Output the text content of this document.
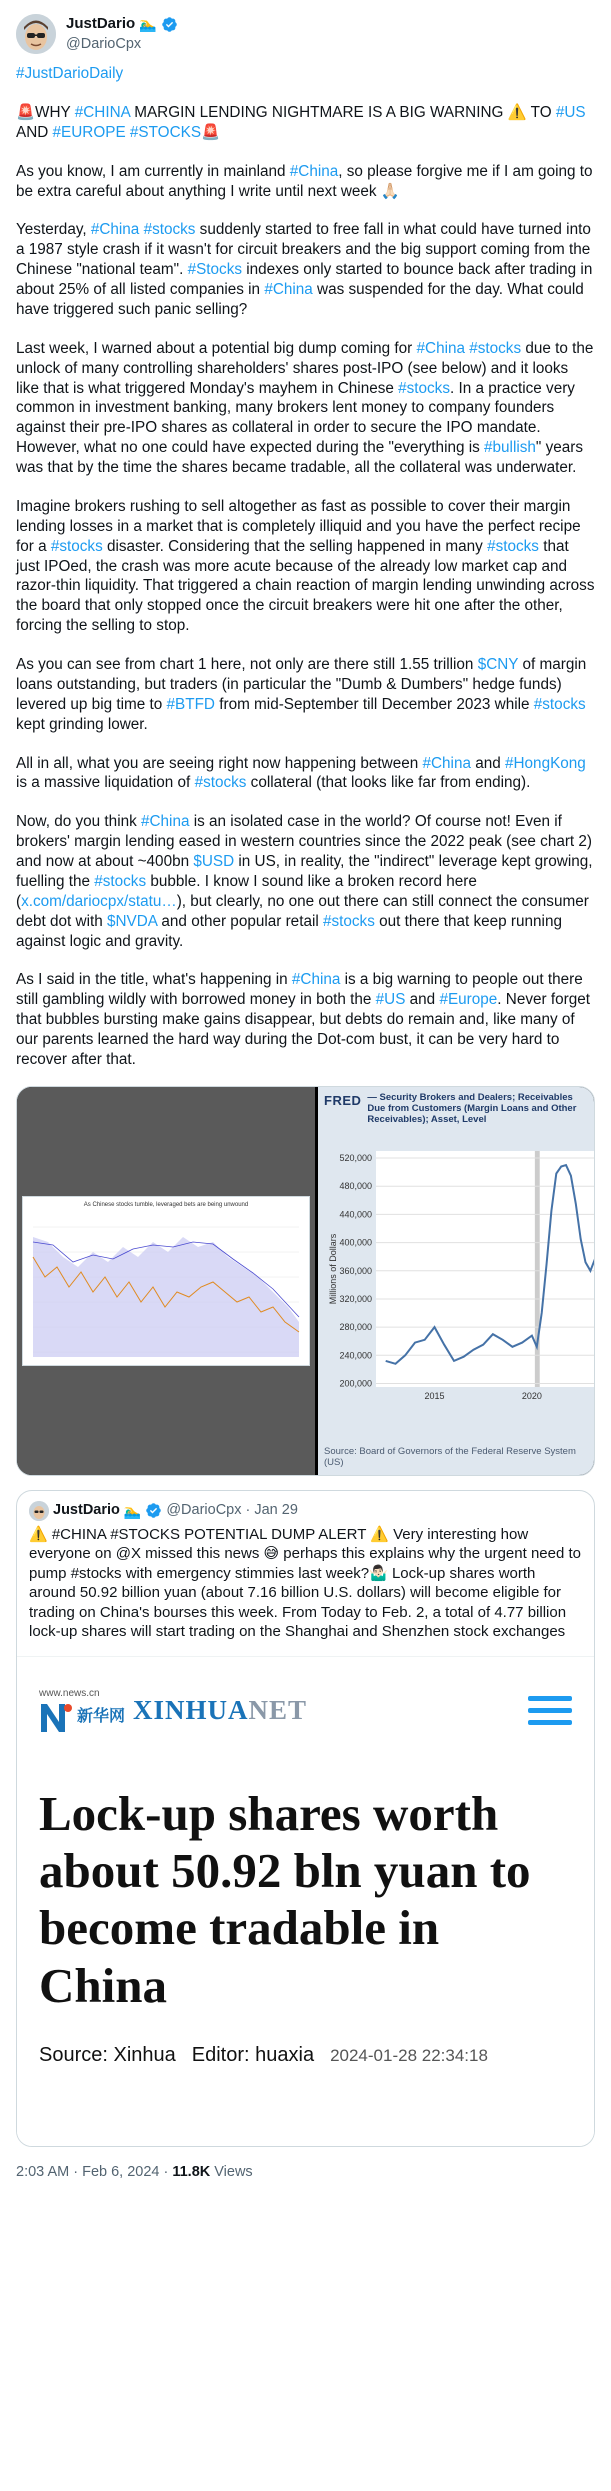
JustDario 🏊‍♂️
@DarioCpx
#JustDarioDaily
🚨WHY #CHINA MARGIN LENDING NIGHTMARE IS A BIG WARNING ⚠️ TO #US AND #EUROPE #STOCKS🚨
As you know, I am currently in mainland #China, so please forgive me if I am going to be extra careful about anything I write until next week 🙏🏻
Yesterday, #China #stocks suddenly started to free fall in what could have turned into a 1987 style crash if it wasn't for circuit breakers and the big support coming from the Chinese "national team". #Stocks indexes only started to bounce back after trading in about 25% of all listed companies in #China was suspended for the day. What could have triggered such panic selling?
Last week, I warned about a potential big dump coming for #China #stocks due to the unlock of many controlling shareholders' shares post-IPO (see below) and it looks like that is what triggered Monday's mayhem in Chinese #stocks. In a practice very common in investment banking, many brokers lent money to company founders against their pre-IPO shares as collateral in order to secure the IPO mandate. However, what no one could have expected during the "everything is #bullish" years was that by the time the shares became tradable, all the collateral was underwater.
Imagine brokers rushing to sell altogether as fast as possible to cover their margin lending losses in a market that is completely illiquid and you have the perfect recipe for a #stocks disaster. Considering that the selling happened in many #stocks that just IPOed, the crash was more acute because of the already low market cap and razor-thin liquidity. That triggered a chain reaction of margin lending unwinding across the board that only stopped once the circuit breakers were hit one after the other, forcing the selling to stop.
As you can see from chart 1 here, not only are there still 1.55 trillion $CNY of margin loans outstanding, but traders (in particular the "Dumb & Dumbers" hedge funds) levered up big time to #BTFD from mid-September till December 2023 while #stocks kept grinding lower.
All in all, what you are seeing right now happening between #China and #HongKong is a massive liquidation of #stocks collateral (that looks like far from ending).
Now, do you think #China is an isolated case in the world? Of course not! Even if brokers' margin lending eased in western countries since the 2022 peak (see chart 2) and now at about ~400bn $USD in US, in reality, the "indirect" leverage kept growing, fuelling the #stocks bubble. I know I sound like a broken record here (x.com/dariocpx/statu…), but clearly, no one out there can still connect the consumer debt dot with $NVDA and other popular retail #stocks out there that keep running against logic and gravity.
As I said in the title, what's happening in #China is a big warning to people out there still gambling wildly with borrowed money in both the #US and #Europe. Never forget that bubbles bursting make gains disappear, but debts do remain and, like many of our parents learned the hard way during the Dot-com bust, it can be very hard to recover after that.
As Chinese stocks tumble, leveraged bets are being unwound
FRED — Security Brokers and Dealers; Receivables Due from Customers (Margin Loans and Other Receivables); Asset, Level
200,000
240,000
280,000
320,000
360,000
400,000
440,000
480,000
520,000
2015	2020
Millions of Dollars
Source: Board of Governors of the Federal Reserve System (US)
JustDario 🏊‍♂️ @DarioCpx · Jan 29
⚠️ #CHINA #STOCKS POTENTIAL DUMP ALERT ⚠️ Very interesting how everyone on @X missed this news 😅 perhaps this explains why the urgent need to pump #stocks with emergency stimmies last week?🤷🏻‍♂️ Lock-up shares worth around 50.92 billion yuan (about 7.16 billion U.S. dollars) will become eligible for trading on China's bourses this week. From Today to Feb. 2, a total of 4.77 billion lock-up shares will start trading on the Shanghai and Shenzhen stock exchanges
www.news.cn
新华网 XINHUANET
Lock-up shares worth about 50.92 bln yuan to become tradable in China
Source: Xinhua Editor: huaxia 2024-01-28 22:34:18
2:03 AM · Feb 6, 2024 · 11.8K Views
